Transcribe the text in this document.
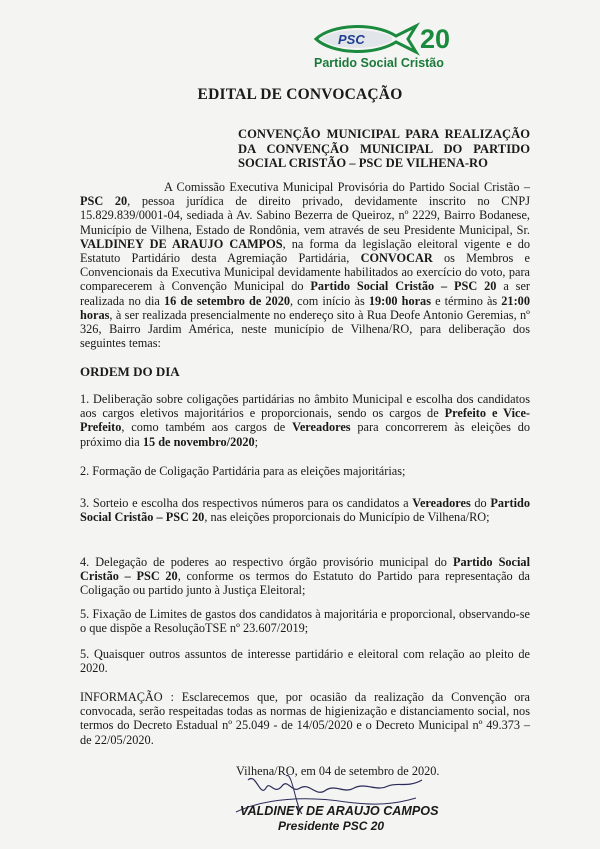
PSC 20
Partido Social Cristão
EDITAL DE CONVOCAÇÃO
CONVENÇÃO MUNICIPAL PARA REALIZAÇÃO DA CONVENÇÃO MUNICIPAL DO PARTIDO SOCIAL CRISTÃO – PSC DE VILHENA-RO
A Comissão Executiva Municipal Provisória do Partido Social Cristão – PSC 20, pessoa jurídica de direito privado, devidamente inscrito no CNPJ 15.829.839/0001-04, sediada à Av. Sabino Bezerra de Queiroz, nº 2229, Bairro Bodanese, Município de Vilhena, Estado de Rondônia, vem através de seu Presidente Municipal, Sr. VALDINEY DE ARAUJO CAMPOS, na forma da legislação eleitoral vigente e do Estatuto Partidário desta Agremiação Partidária, CONVOCAR os Membros e Convencionais da Executiva Municipal devidamente habilitados ao exercício do voto, para comparecerem à Convenção Municipal do Partido Social Cristão – PSC 20 a ser realizada no dia 16 de setembro de 2020, com início às 19:00 horas e término às 21:00 horas, à ser realizada presencialmente no endereço sito à Rua Deofe Antonio Geremias, nº 326, Bairro Jardim América, neste município de Vilhena/RO, para deliberação dos seguintes temas:
ORDEM DO DIA
1. Deliberação sobre coligações partidárias no âmbito Municipal e escolha dos candidatos aos cargos eletivos majoritários e proporcionais, sendo os cargos de Prefeito e Vice-Prefeito, como também aos cargos de Vereadores para concorrerem às eleições do próximo dia 15 de novembro/2020;
2. Formação de Coligação Partidária para as eleições majoritárias;
3. Sorteio e escolha dos respectivos números para os candidatos a Vereadores do Partido Social Cristão – PSC 20, nas eleições proporcionais do Município de Vilhena/RO;
4. Delegação de poderes ao respectivo órgão provisório municipal do Partido Social Cristão – PSC 20, conforme os termos do Estatuto do Partido para representação da Coligação ou partido junto à Justiça Eleitoral;
5. Fixação de Limites de gastos dos candidatos à majoritária e proporcional, observando-se o que dispõe a ResoluçãoTSE nº 23.607/2019;
5. Quaisquer outros assuntos de interesse partidário e eleitoral com relação ao pleito de 2020.
INFORMAÇÃO : Esclarecemos que, por ocasião da realização da Convenção ora convocada, serão respeitadas todas as normas de higienização e distanciamento social, nos termos do Decreto Estadual nº 25.049 - de 14/05/2020 e o Decreto Municipal nº 49.373 – de 22/05/2020.
Vilhena/RO, em 04 de setembro de 2020.
VALDINEY DE ARAUJO CAMPOS
Presidente PSC 20
